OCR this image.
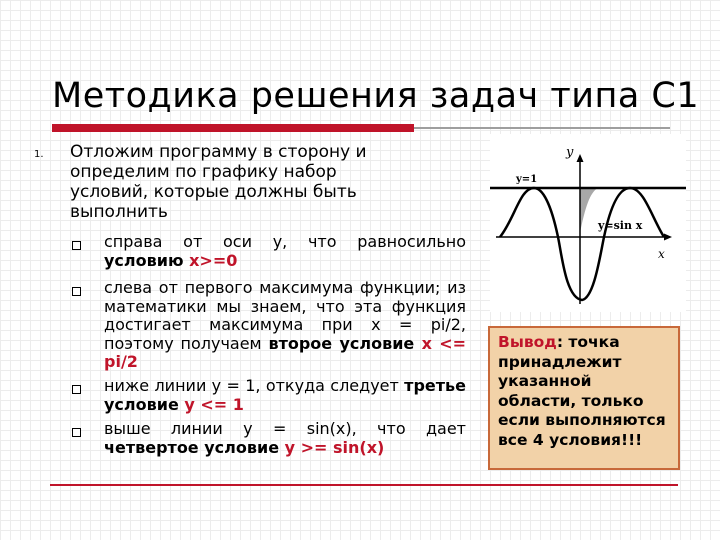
Методика решения задач типа С1
1. Отложим программу в сторону и определим по графику набор условий, которые должны быть выполнить
справа от оси y, что равносильно условию x>=0
слева от первого максимума функции; из математики мы знаем, что эта функция достигает максимума при x = pi/2, поэтому получаем второе условие x <= pi/2
ниже линии y = 1, откуда следует третье условие y <= 1
выше линии y = sin(x), что дает четвертое условие y >= sin(x)
y
x
y=1
y=sin x
Вывод: точка принадлежит указанной области, только если выполняются все 4 условия!!!
